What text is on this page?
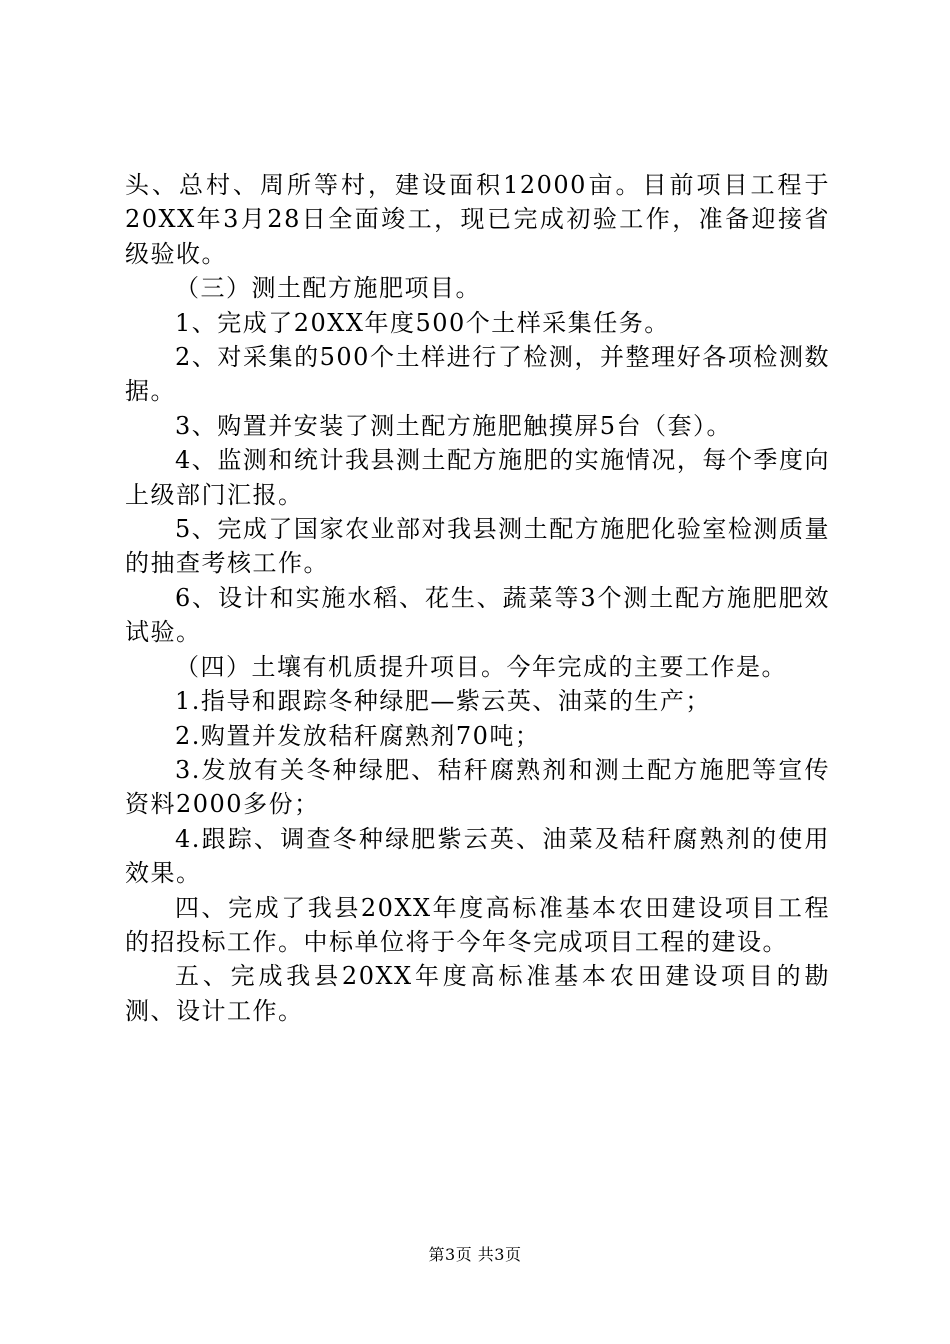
头、总村、周所等村，建设面积12000亩。目前项目工程于20XX年3月28日全面竣工，现已完成初验工作，准备迎接省级验收。

（三）测土配方施肥项目。

1、完成了20XX年度500个土样采集任务。

2、对采集的500个土样进行了检测，并整理好各项检测数据。

3、购置并安装了测土配方施肥触摸屏5台（套）。

4、监测和统计我县测土配方施肥的实施情况，每个季度向上级部门汇报。

5、完成了国家农业部对我县测土配方施肥化验室检测质量的抽查考核工作。

6、设计和实施水稻、花生、蔬菜等3个测土配方施肥肥效试验。

（四）土壤有机质提升项目。今年完成的主要工作是。

1.指导和跟踪冬种绿肥—紫云英、油菜的生产；

2.购置并发放秸秆腐熟剂70吨；

3.发放有关冬种绿肥、秸秆腐熟剂和测土配方施肥等宣传资料2000多份；

4.跟踪、调查冬种绿肥紫云英、油菜及秸秆腐熟剂的使用效果。

四、完成了我县20XX年度高标准基本农田建设项目工程的招投标工作。中标单位将于今年冬完成项目工程的建设。

五、完成我县20XX年度高标准基本农田建设项目的勘测、设计工作。

第3页 共3页
